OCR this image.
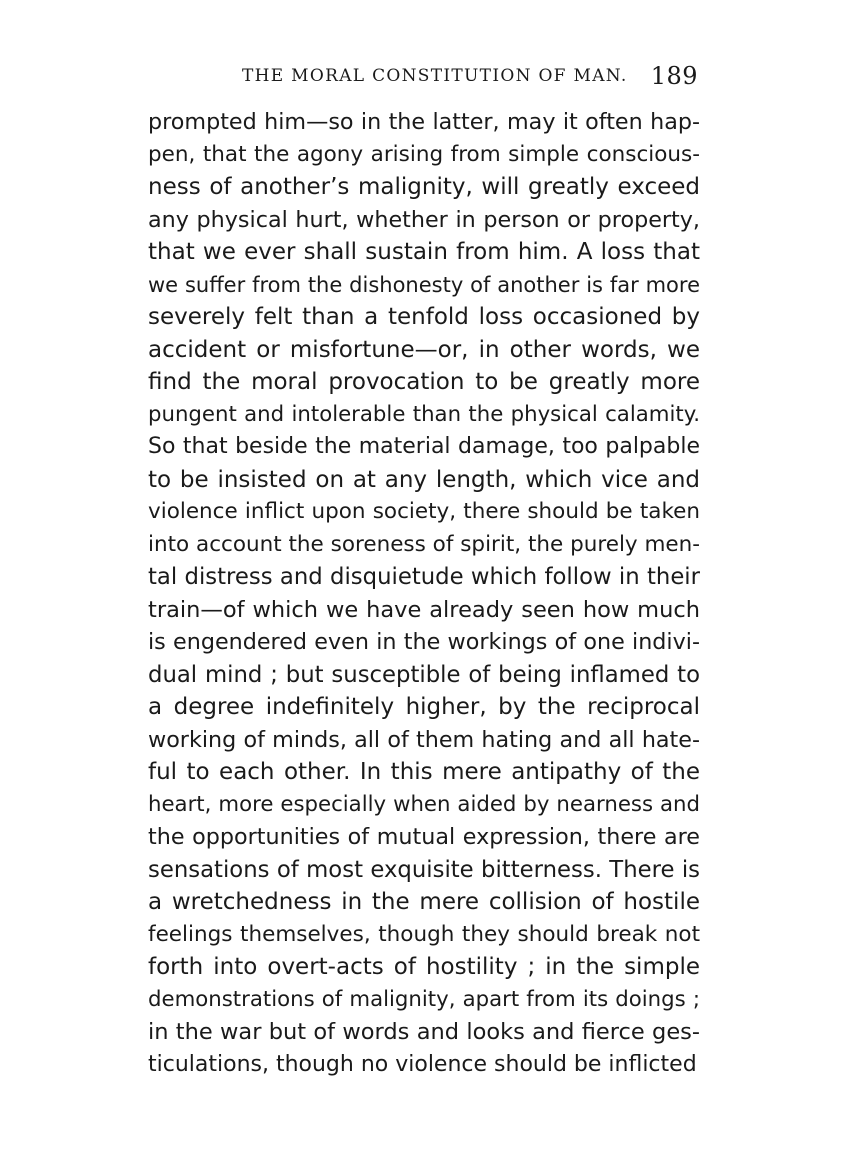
THE MORAL CONSTITUTION OF MAN. 189
prompted him—so in the latter, may it often hap-
pen, that the agony arising from simple conscious-
ness of another’s malignity, will greatly exceed
any physical hurt, whether in person or property,
that we ever shall sustain from him. A loss that
we suffer from the dishonesty of another is far more
severely felt than a tenfold loss occasioned by
accident or misfortune—or, in other words, we
find the moral provocation to be greatly more
pungent and intolerable than the physical calamity.
So that beside the material damage, too palpable
to be insisted on at any length, which vice and
violence inflict upon society, there should be taken
into account the soreness of spirit, the purely men-
tal distress and disquietude which follow in their
train—of which we have already seen how much
is engendered even in the workings of one indivi-
dual mind ; but susceptible of being inflamed to
a degree indefinitely higher, by the reciprocal
working of minds, all of them hating and all hate-
ful to each other. In this mere antipathy of the
heart, more especially when aided by nearness and
the opportunities of mutual expression, there are
sensations of most exquisite bitterness. There is
a wretchedness in the mere collision of hostile
feelings themselves, though they should break not
forth into overt-acts of hostility ; in the simple
demonstrations of malignity, apart from its doings ;
in the war but of words and looks and fierce ges-
ticulations, though no violence should be inflicted
